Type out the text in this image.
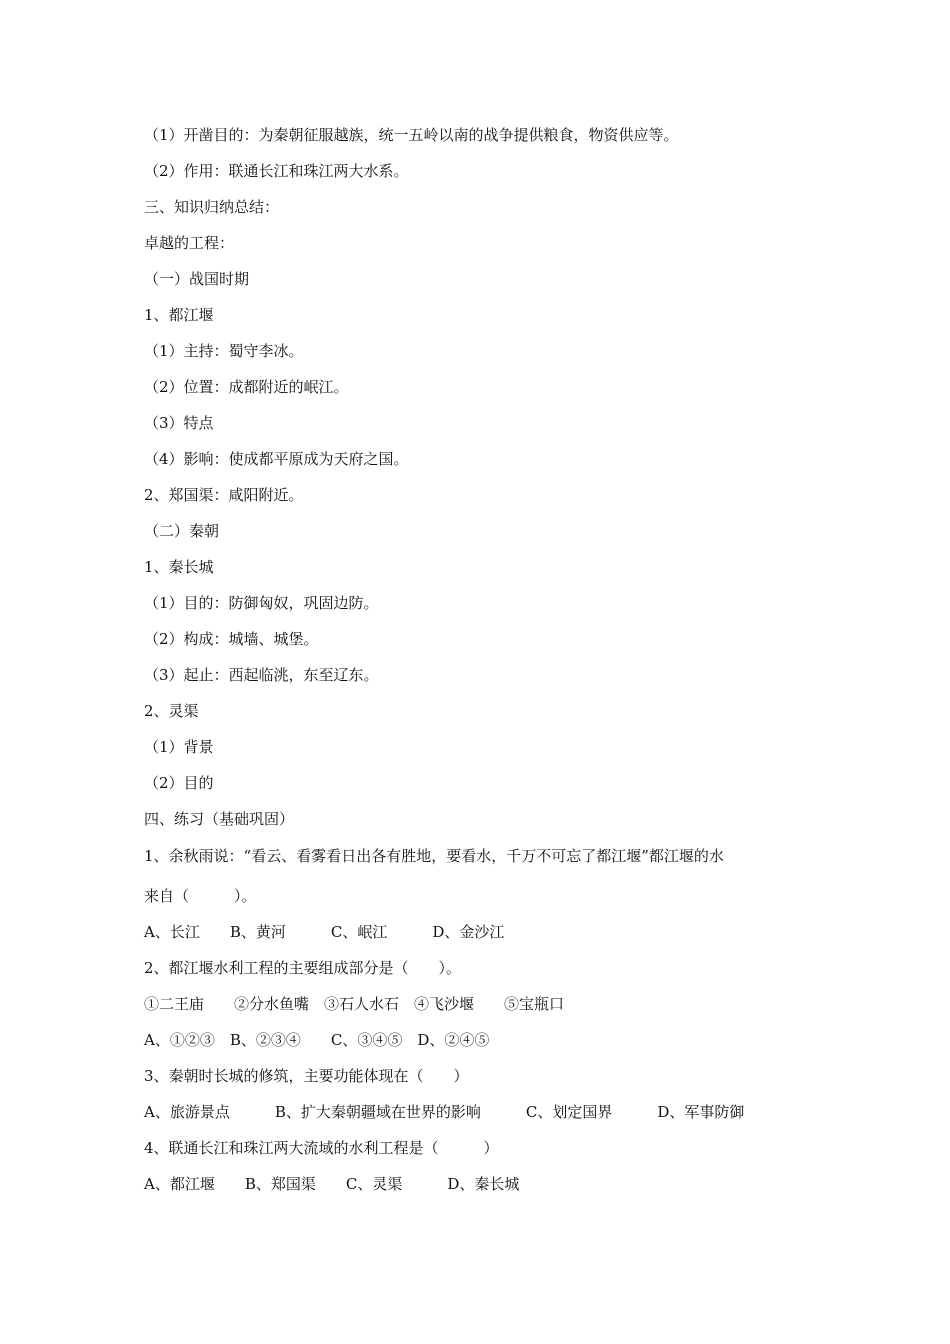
（1）开凿目的：为秦朝征服越族，统一五岭以南的战争提供粮食，物资供应等。
（2）作用：联通长江和珠江两大水系。
三、知识归纳总结：
卓越的工程：
（一）战国时期
1、都江堰
（1）主持：蜀守李冰。
（2）位置：成都附近的岷江。
（3）特点
（4）影响：使成都平原成为天府之国。
2、郑国渠：咸阳附近。
（二）秦朝
1、秦长城
（1）目的：防御匈奴，巩固边防。
（2）构成：城墙、城堡。
（3）起止：西起临洮，东至辽东。
2、灵渠
（1）背景
（2）目的
四、练习（基础巩固）
1、余秋雨说：“看云、看雾看日出各有胜地，要看水，千万不可忘了都江堰”都江堰的水
来自（　　　）。
A、长江　　B、黄河　　　C、岷江　　　D、金沙江
2、都江堰水利工程的主要组成部分是（　　）。
①二王庙　　②分水鱼嘴　③石人水石　④飞沙堰　　⑤宝瓶口
A、①②③　B、②③④　　C、③④⑤　D、②④⑤
3、秦朝时长城的修筑，主要功能体现在（　　）
A、旅游景点　　　B、扩大秦朝疆域在世界的影响　　　C、划定国界　　　D、军事防御
4、联通长江和珠江两大流域的水利工程是（　　　）
A、都江堰　　B、郑国渠　　C、灵渠　　　D、秦长城
